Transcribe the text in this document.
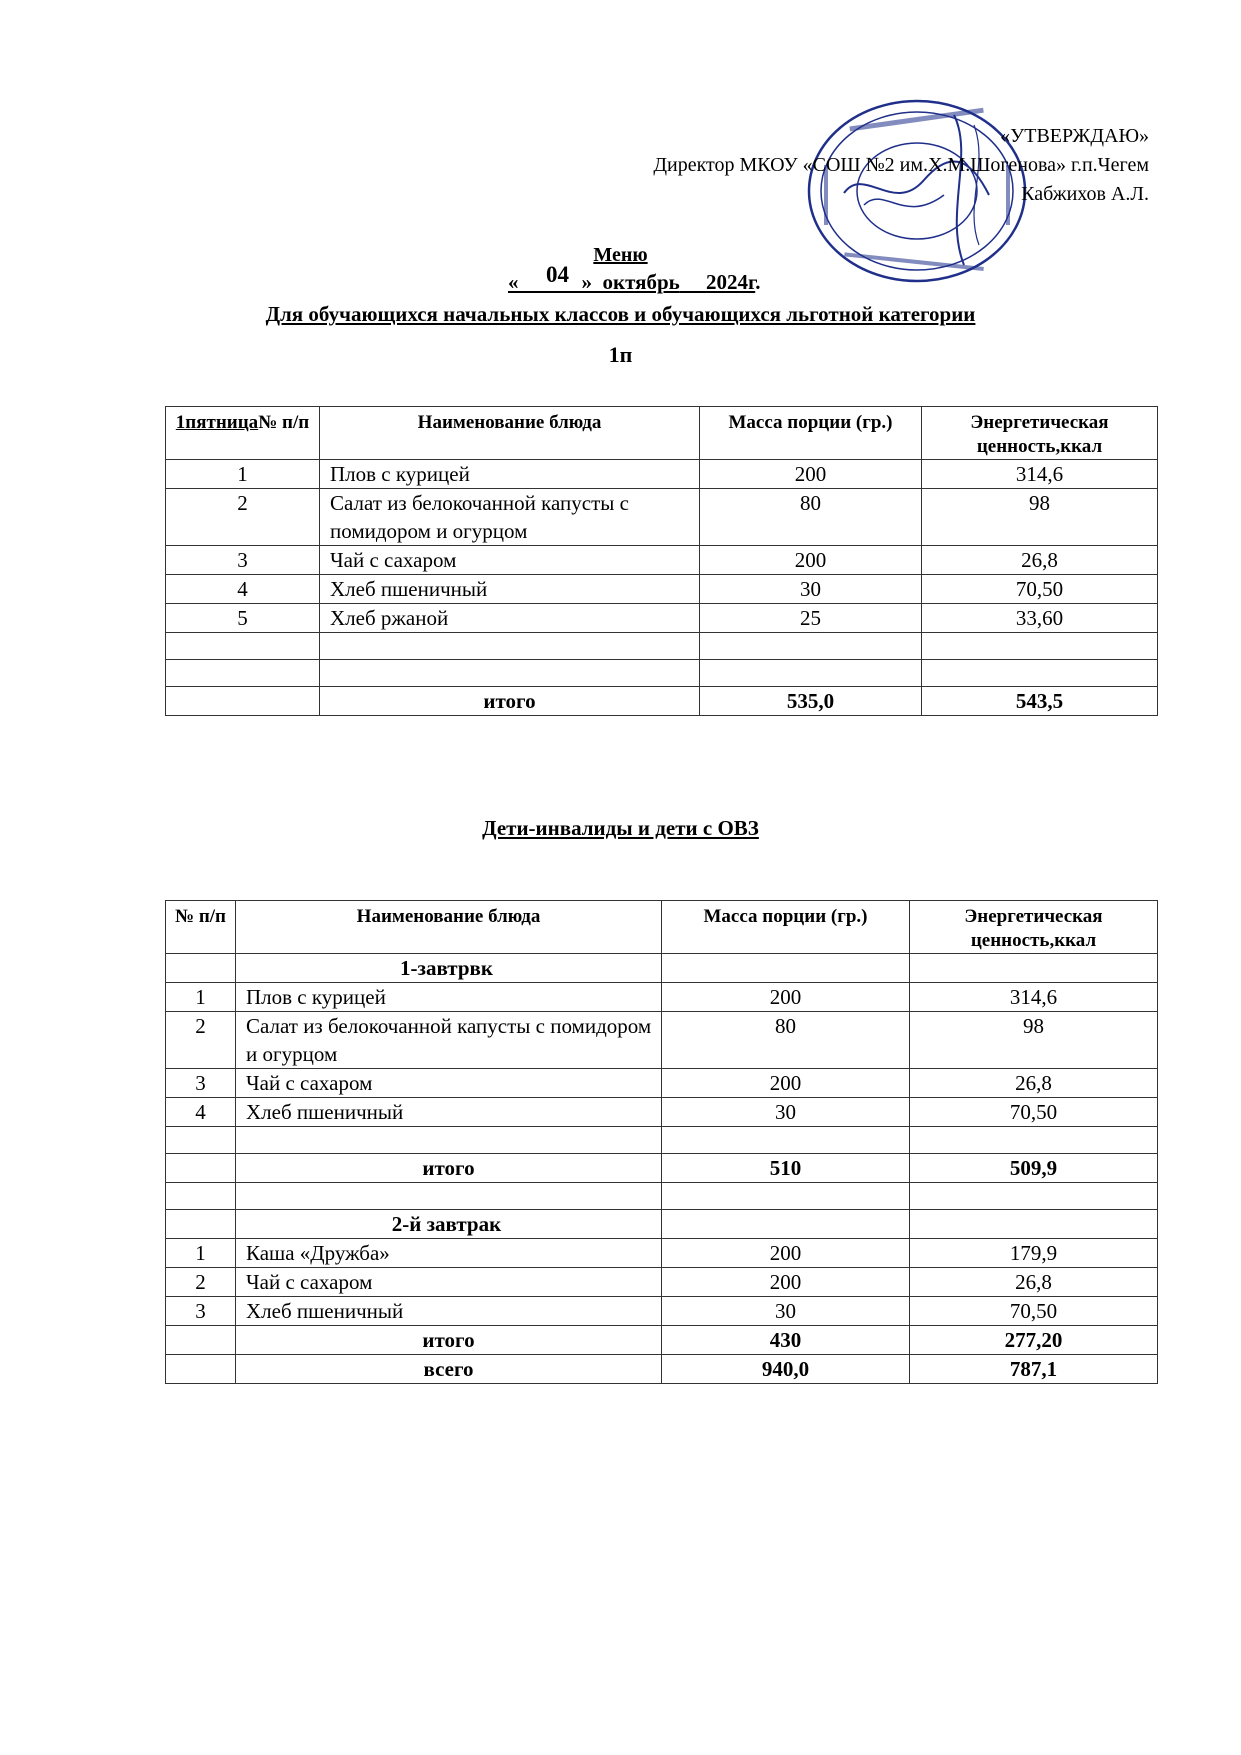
«УТВЕРЖДАЮ»
Директор МКОУ «СОШ №2 им.Х.М.Шогенова» г.п.Чегем
Кабжихов А.Л.
Меню
04
«	» октябрь 2024г.
Для обучающихся начальных классов и обучающихся льготной категории
1п
1пятница№ п/п	Наименование блюда	Масса порции (гр.)	Энергетическая ценность,ккал
1	Плов с курицей	200	314,6
2	Салат из белокочанной капусты с помидором и огурцом	80	98
3	Чай с сахаром	200	26,8
4	Хлеб пшеничный	30	70,50
5	Хлеб ржаной	25	33,60

	итого	535,0	543,5
Дети-инвалиды и дети с ОВЗ
№ п/п	Наименование блюда	Масса порции (гр.)	Энергетическая ценность,ккал
	1-завтрвк		
1	Плов с курицей	200	314,6
2	Салат из белокочанной капусты с помидором и огурцом	80	98
3	Чай с сахаром	200	26,8
4	Хлеб пшеничный	30	70,50

	итого	510	509,9

	2-й завтрак		
1	Каша «Дружба»	200	179,9
2	Чай с сахаром	200	26,8
3	Хлеб пшеничный	30	70,50
	итого	430	277,20
	всего	940,0	787,1
